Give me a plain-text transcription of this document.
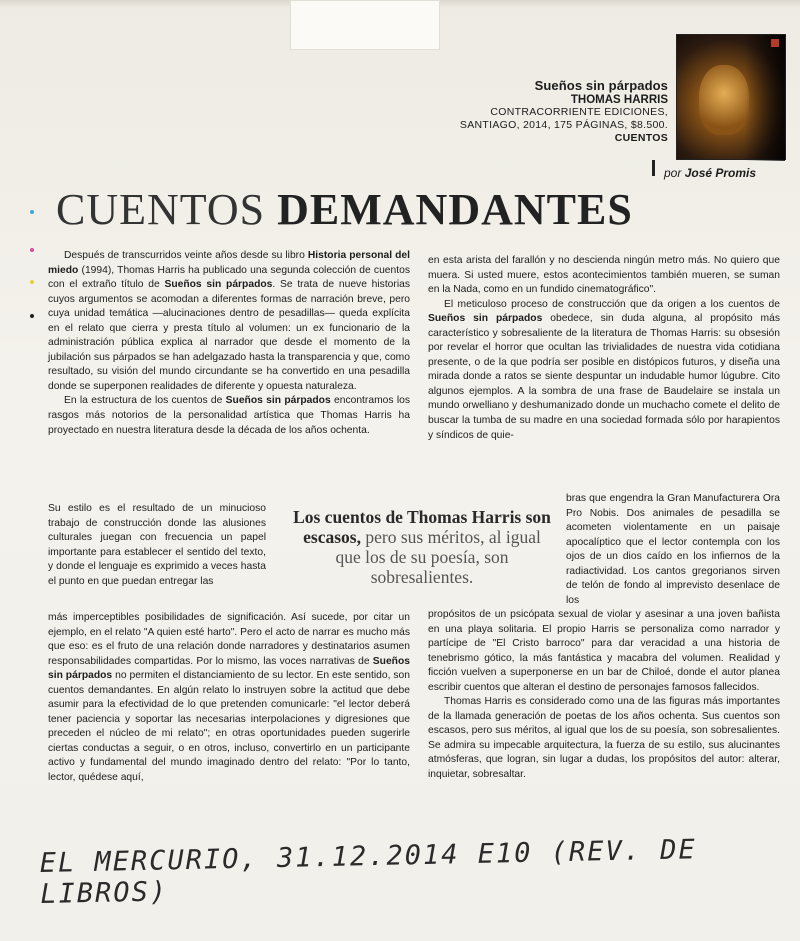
Sueños sin párpados
THOMAS HARRIS
CONTRACORRIENTE EDICIONES,
SANTIAGO, 2014, 175 PÁGINAS, $8.500.
CUENTOS
por José Promis
CUENTOS DEMANDANTES

Después de transcurridos veinte años desde su libro Historia personal del miedo (1994), Thomas Harris ha publicado una segunda colección de cuentos con el extraño título de Sueños sin párpados. Se trata de nueve historias cuyos argumentos se acomodan a diferentes formas de narración breve, pero cuya unidad temática —alucinaciones dentro de pesadillas— queda explícita en el relato que cierra y presta título al volumen: un ex funcionario de la administración pública explica al narrador que desde el momento de la jubilación sus párpados se han adelgazado hasta la transparencia y que, como resultado, su visión del mundo circundante se ha convertido en una pesadilla donde se superponen realidades de diferente y opuesta naturaleza.

En la estructura de los cuentos de Sueños sin párpados encontramos los rasgos más notorios de la personalidad artística que Thomas Harris ha proyectado en nuestra literatura desde la década de los años ochenta.

Su estilo es el resultado de un minucioso trabajo de construcción donde las alusiones culturales juegan con frecuencia un papel importante para establecer el sentido del texto, y donde el lenguaje es exprimido a veces hasta el punto en que puedan entregar las

más imperceptibles posibilidades de significación. Así sucede, por citar un ejemplo, en el relato "A quien esté harto". Pero el acto de narrar es mucho más que eso: es el fruto de una relación donde narradores y destinatarios asumen responsabilidades compartidas. Por lo mismo, las voces narrativas de Sueños sin párpados no permiten el distanciamiento de su lector. En este sentido, son cuentos demandantes. En algún relato lo instruyen sobre la actitud que debe asumir para la efectividad de lo que pretenden comunicarle: "el lector deberá tener paciencia y soportar las necesarias interpolaciones y digresiones que preceden el núcleo de mi relato"; en otras oportunidades pueden sugerirle ciertas conductas a seguir, o en otros, incluso, convertirlo en un participante activo y fundamental del mundo imaginado dentro del relato: "Por lo tanto, lector, quédese aquí,

Los cuentos de Thomas Harris son escasos, pero sus méritos, al igual que los de su poesía, son sobresalientes.

en esta arista del farallón y no descienda ningún metro más. No quiero que muera. Si usted muere, estos acontecimientos también mueren, se suman en la Nada, como en un fundido cinematográfico".

El meticuloso proceso de construcción que da origen a los cuentos de Sueños sin párpados obedece, sin duda alguna, al propósito más característico y sobresaliente de la literatura de Thomas Harris: su obsesión por revelar el horror que ocultan las trivialidades de nuestra vida cotidiana presente, o de la que podría ser posible en distópicos futuros, y diseña una mirada donde a ratos se siente despuntar un indudable humor lúgubre. Cito algunos ejemplos. A la sombra de una frase de Baudelaire se instala un mundo orwelliano y deshumanizado donde un muchacho comete el delito de buscar la tumba de su madre en una sociedad formada sólo por harapientos y síndicos de quie-

bras que engendra la Gran Manufacturera Ora Pro Nobis. Dos animales de pesadilla se acometen violentamente en un paisaje apocalíptico que el lector contempla con los ojos de un dios caído en los infiernos de la radiactividad. Los cantos gregorianos sirven de telón de fondo al imprevisto desenlace de los

propósitos de un psicópata sexual de violar y asesinar a una joven bañista en una playa solitaria. El propio Harris se personaliza como narrador y partícipe de "El Cristo barroco" para dar veracidad a una historia de tenebrismo gótico, la más fantástica y macabra del volumen. Realidad y ficción vuelven a superponerse en un bar de Chiloé, donde el autor planea escribir cuentos que alteran el destino de personajes famosos fallecidos.

Thomas Harris es considerado como una de las figuras más importantes de la llamada generación de poetas de los años ochenta. Sus cuentos son escasos, pero sus méritos, al igual que los de su poesía, son sobresalientes. Se admira su impecable arquitectura, la fuerza de su estilo, sus alucinantes atmósferas, que logran, sin lugar a dudas, los propósitos del autor: alterar, inquietar, sobresaltar.

EL MERCURIO, 31.12.2014 E10 (REV. DE LIBROS)
